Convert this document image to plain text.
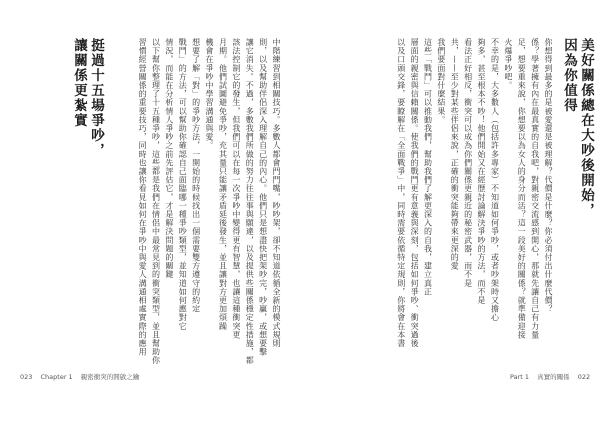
挺過十五場爭吵，
讓關係更紮實	中階練習到相關技巧。多數人都會門門嘴，吵吵架，卻不知道依循全新的模式規則
則，以及幫助伴侶深入理解自己的內心。他們只是想盡快把架吵完，吵贏，或想要擊
讓它消失。不過，多數我們所做的努力往往事與願違，以及提供些關係穩定性措施，都
該法控制它的發生，但我們可以在每一次爭吵中變得更有智慧，也讓這種衝突更
月期。他們試圖避免爭吵，充其量只能讓矛盾延後發生，並且讓對方更加煩躁
機會在爭吵中學習溝通與愛。
想要了解「對」的爭吵方法，一開始的時候找出一個需要雙方遵守的約定
戰鬥」的方法，可以幫助你確認自己面臨哪一種爭吵類型，並知道如何應對它
情況，而能在分析情人爭吵之前先評估它，才是解決問題的關鍵
以下幫你整理了十五種爭吵，這些都是我們在情侶中最常見到的衝突類型，並且幫助你
習慣經營關係的重要技巧，同時也讓你看見如何在爭吵中與愛人溝通相處實際的應用
023 Chapter 1 親密衝突的開啟之鑰
你想得到最多的是被愛還是被理解？代價是什麼？你必須付出什麼代價？
係？學著擁有內在最真實的自我吧，對親密交流感到開心，那就先讓自己有力量
足，想要重來說，你想要以為女人的身分而活？這一段美好的關係？就準備迎接
火爆爭吵吧。
不幸的是，大多數人（包括許多專家）不知道如何爭吵，或者吵架時又擔心
夠多，甚至根本不吵！他們開始又在經歷討論解決爭吵的方法，而不是
看法正好相反，衝突可以成為你們關係更親近的秘密武器，而不是
共，——至少對某些伴侶來說，正確的衝突能夠帶來更深的愛
我們要面對什麼結果。
這些「戰鬥」可以推動我們，幫助我們了解更深入的自我，建立真正
層面的親密與信賴關係。使我們的戰鬥更有意義與深刻，包括如何爭吵、衝突過後
以及口頭交鋒，要瞭解在「全面戰爭」中，同時需要依循特定規則，你將會在本書	因為你值得 美好關係總在大吵後開始，
Part 1 真實的關係 022
